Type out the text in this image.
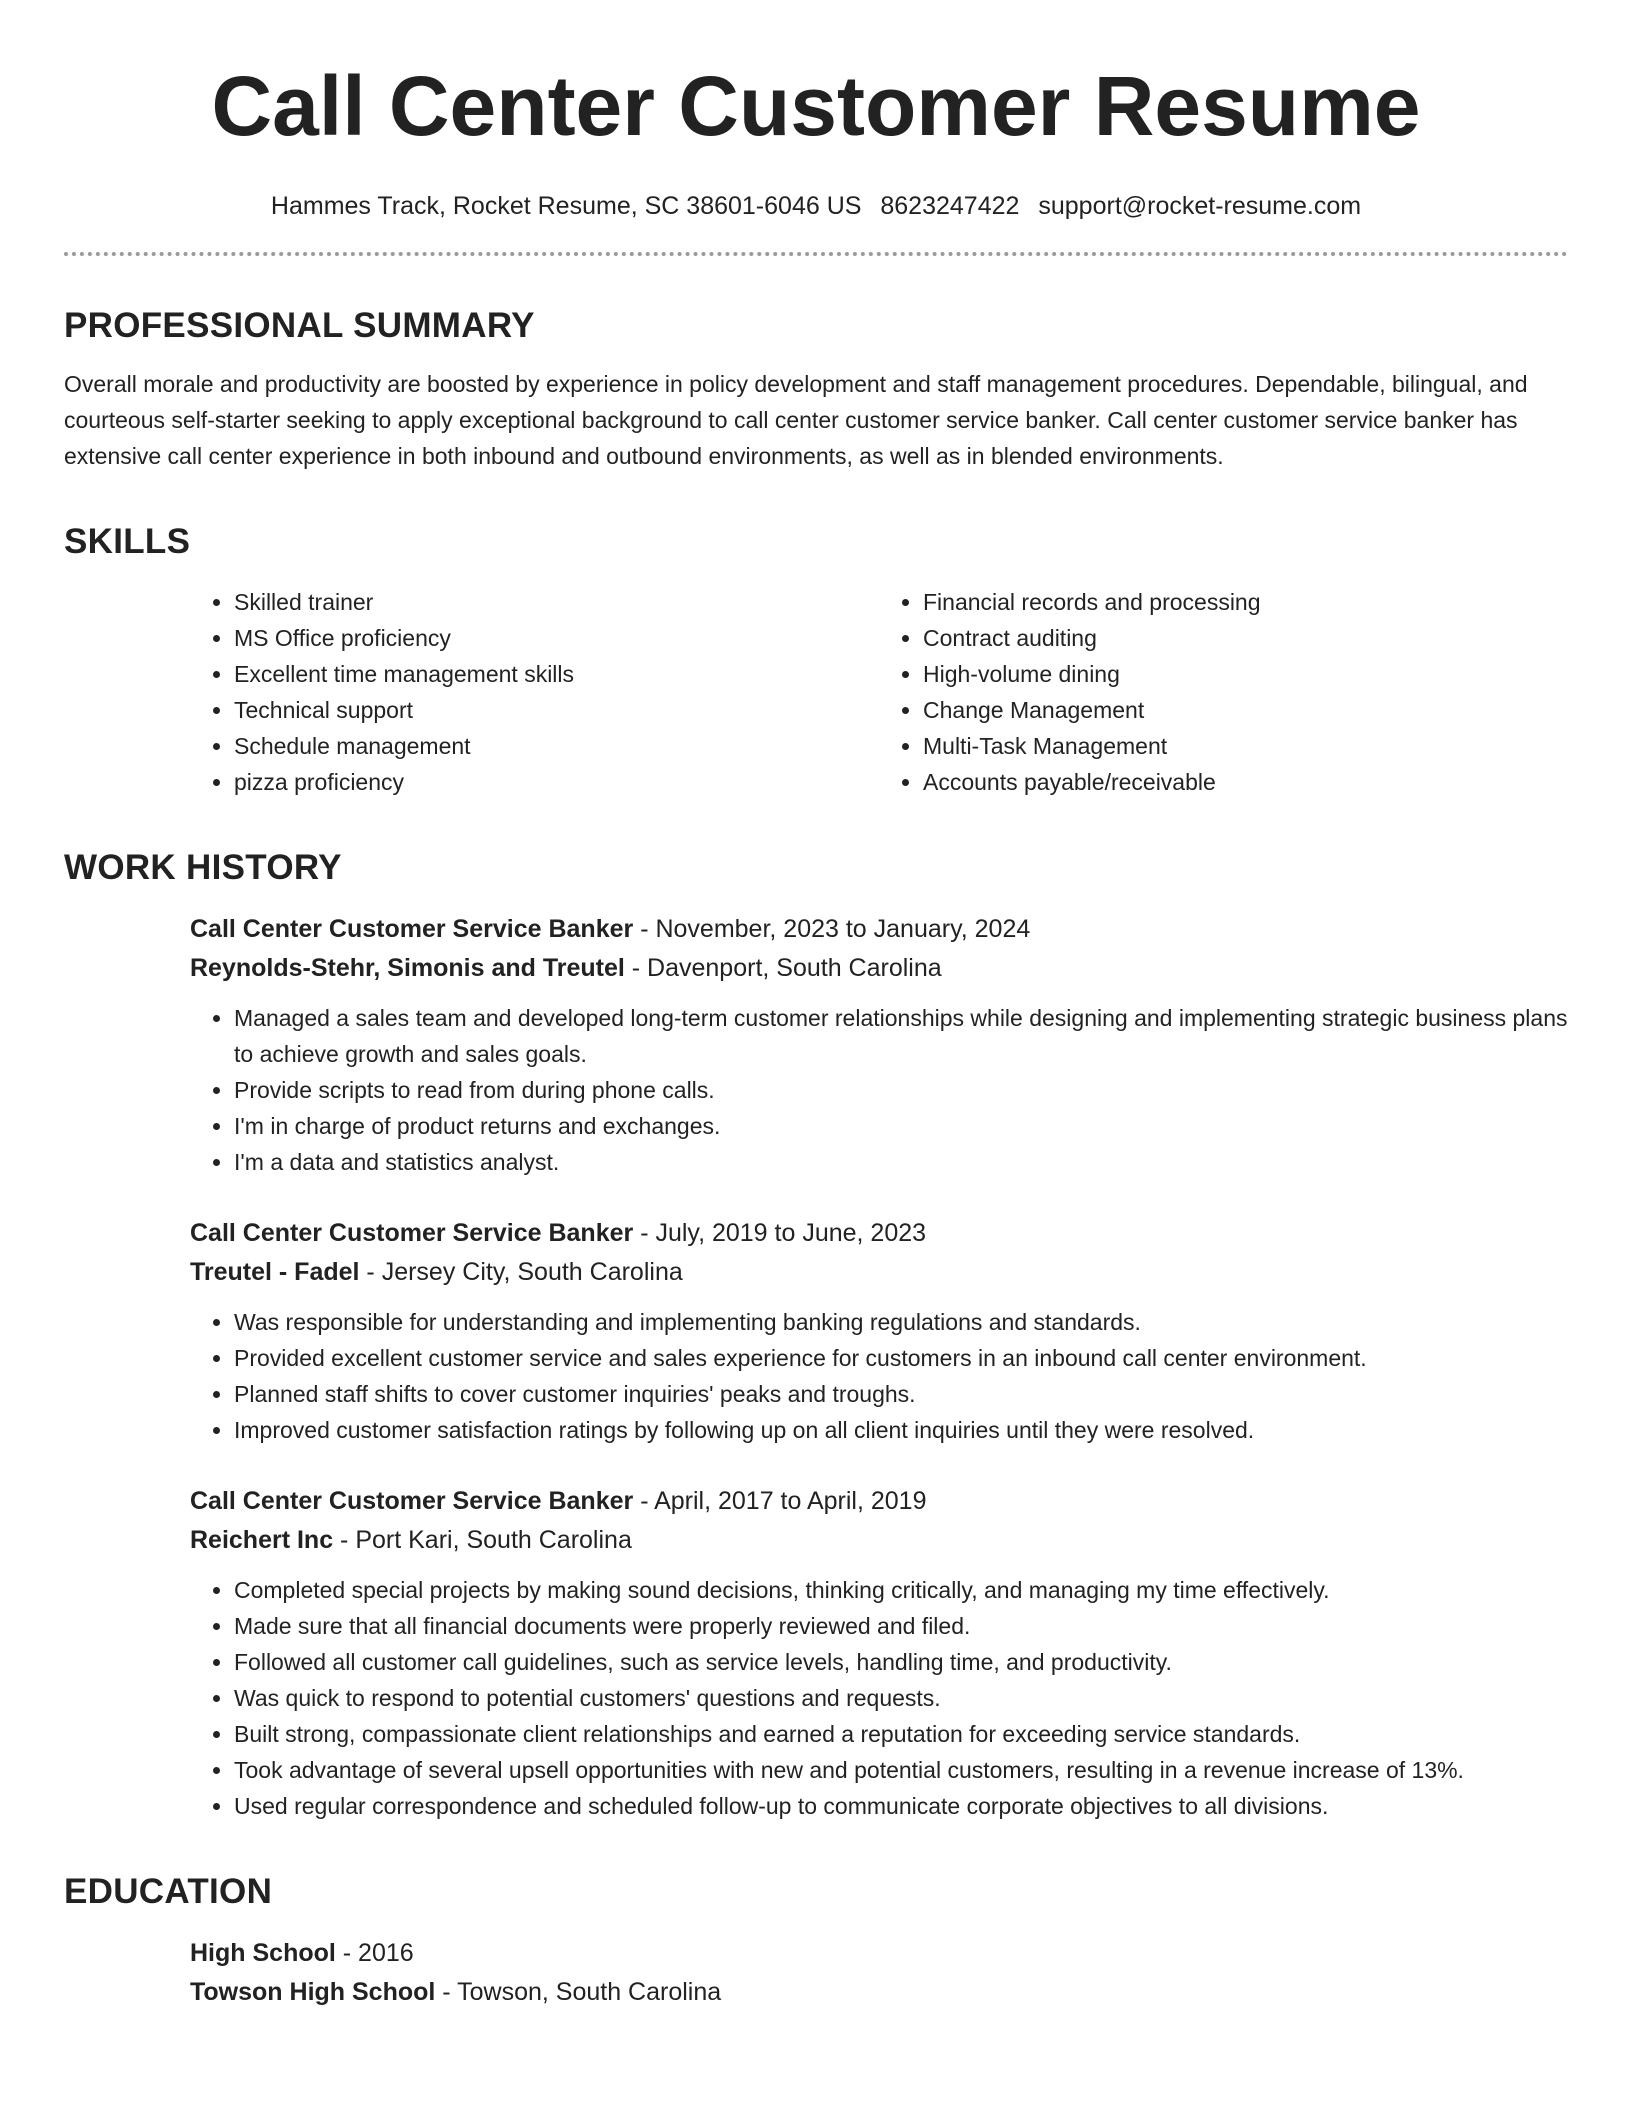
Call Center Customer Resume
Hammes Track, Rocket Resume, SC 38601-6046 US 8623247422 support@rocket-resume.com
PROFESSIONAL SUMMARY

Overall morale and productivity are boosted by experience in policy development and staff management procedures. Dependable, bilingual, and courteous self-starter seeking to apply exceptional background to call center customer service banker. Call center customer service banker has extensive call center experience in both inbound and outbound environments, as well as in blended environments.

SKILLS
• Skilled trainer
• MS Office proficiency
• Excellent time management skills
• Technical support
• Schedule management
• pizza proficiency
• Financial records and processing
• Contract auditing
• High-volume dining
• Change Management
• Multi-Task Management
• Accounts payable/receivable
WORK HISTORY
Call Center Customer Service Banker - November, 2023 to January, 2024
Reynolds-Stehr, Simonis and Treutel - Davenport, South Carolina
• Managed a sales team and developed long-term customer relationships while designing and implementing strategic business plans to achieve growth and sales goals.
• Provide scripts to read from during phone calls.
• I'm in charge of product returns and exchanges.
• I'm a data and statistics analyst.
Call Center Customer Service Banker - July, 2019 to June, 2023
Treutel - Fadel - Jersey City, South Carolina
• Was responsible for understanding and implementing banking regulations and standards.
• Provided excellent customer service and sales experience for customers in an inbound call center environment.
• Planned staff shifts to cover customer inquiries' peaks and troughs.
• Improved customer satisfaction ratings by following up on all client inquiries until they were resolved.
Call Center Customer Service Banker - April, 2017 to April, 2019
Reichert Inc - Port Kari, South Carolina
• Completed special projects by making sound decisions, thinking critically, and managing my time effectively.
• Made sure that all financial documents were properly reviewed and filed.
• Followed all customer call guidelines, such as service levels, handling time, and productivity.
• Was quick to respond to potential customers' questions and requests.
• Built strong, compassionate client relationships and earned a reputation for exceeding service standards.
• Took advantage of several upsell opportunities with new and potential customers, resulting in a revenue increase of 13%.
• Used regular correspondence and scheduled follow-up to communicate corporate objectives to all divisions.
EDUCATION
High School - 2016
Towson High School - Towson, South Carolina
